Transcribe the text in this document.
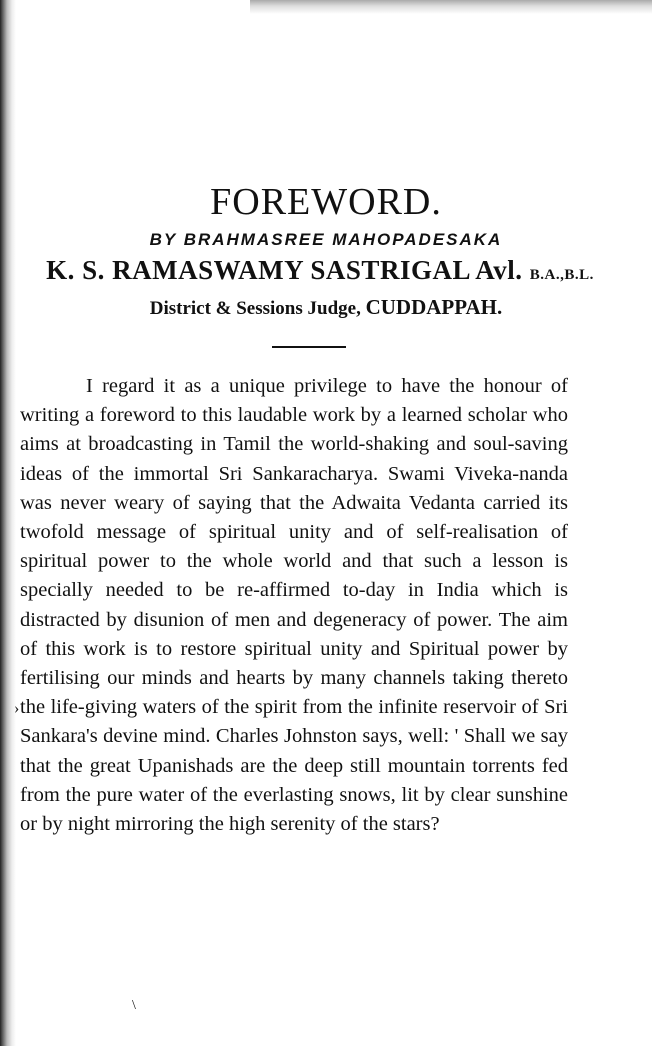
FOREWORD.
BY BRAHMASREE MAHOPADESAKA
K. S. RAMASWAMY SASTRIGAL Avl. B.A.,B.L.
District & Sessions Judge, CUDDAPPAH.

I regard it as a unique privilege to have the honour of writing a foreword to this laudable work by a learned scholar who aims at broadcasting in Tamil the world-shaking and soul-saving ideas of the immortal Sri Sankaracharya. Swami Viveka-nanda was never weary of saying that the Adwaita Vedanta carried its twofold message of spiritual unity and of self-realisation of spiritual power to the whole world and that such a lesson is specially needed to be re-affirmed to-day in India which is distracted by disunion of men and degeneracy of power. The aim of this work is to restore spiritual unity and Spiritual power by fertilising our minds and hearts by many channels taking thereto the life-giving waters of the spirit from the infinite reservoir of Sri Sankara's devine mind. Charles Johnston says, well: ' Shall we say that the great Upanishads are the deep still mountain torrents fed from the pure water of the everlasting snows, lit by clear sunshine or by night mirroring the high serenity of the stars?

›
\
